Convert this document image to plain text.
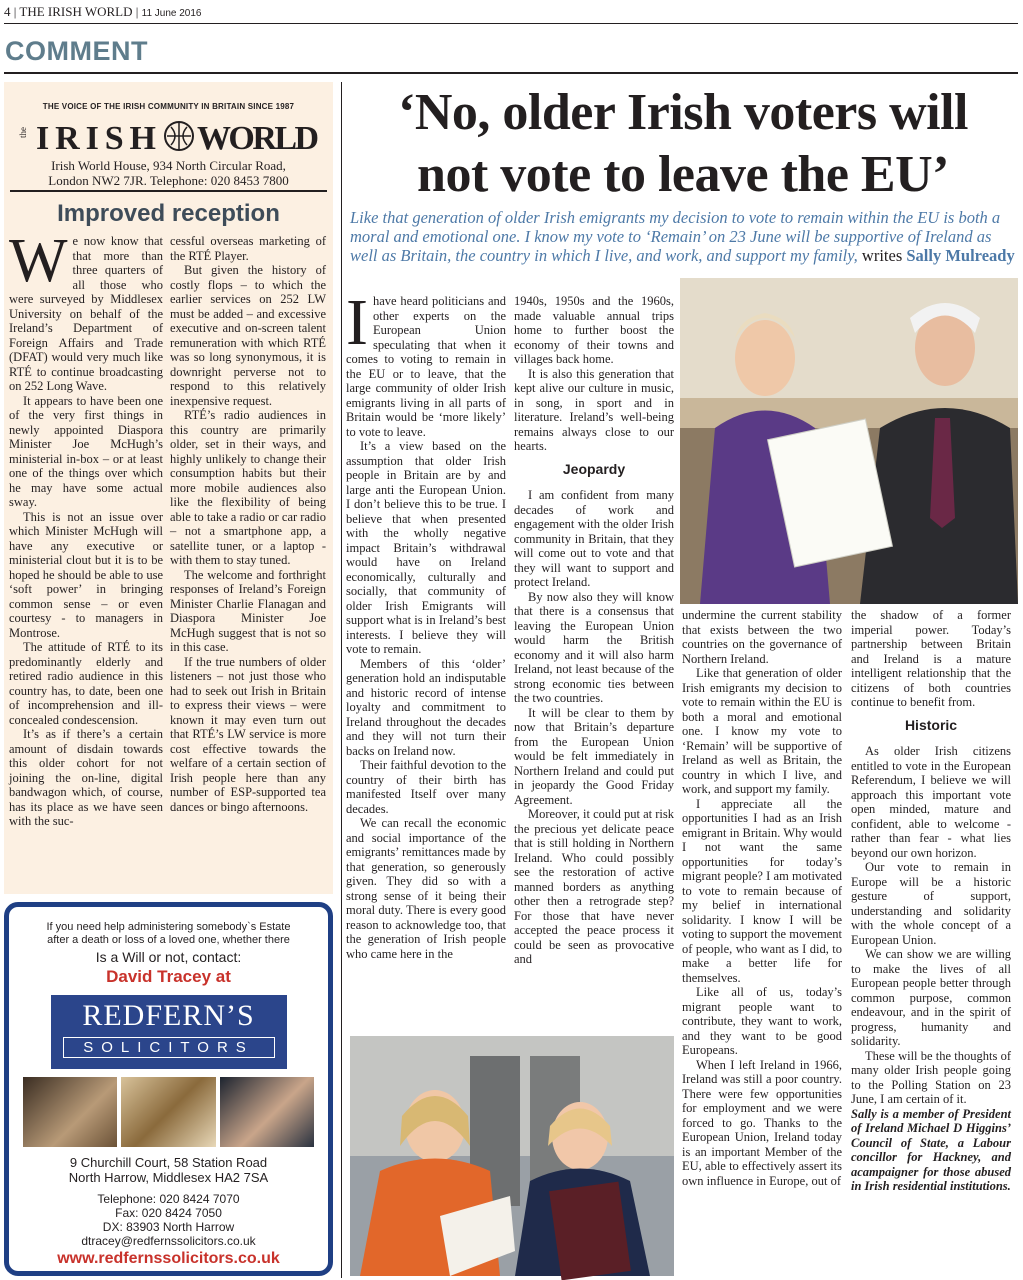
4 | THE IRISH WORLD | 11 June 2016
COMMENT
THE VOICE OF THE IRISH COMMUNITY IN BRITAIN SINCE 1987
the IRISH WORLD
Irish World House, 934 North Circular Road,
London NW2 7JR. Telephone: 020 8453 7800
Improved reception

We now know that that more than three quarters of all those who were surveyed by Middlesex University on behalf of the Ireland’s Department of Foreign Affairs and Trade (DFAT) would very much like RTÉ to continue broadcasting on 252 Long Wave.

It appears to have been one of the very first things in newly appointed Diaspora Minister Joe McHugh’s ministerial in-box – or at least one of the things over which he may have some actual sway.

This is not an issue over which Minister McHugh will have any executive or ministerial clout but it is to be hoped he should be able to use ‘soft power’ in bringing common sense – or even courtesy - to managers in Montrose.

The attitude of RTÉ to its predominantly elderly and retired radio audience in this country has, to date, been one of incomprehension and ill-concealed condescension.

It’s as if there’s a certain amount of disdain towards this older cohort for not joining the on-line, digital bandwagon which, of course, has its place as we have seen with the suc-

cessful overseas marketing of the RTÉ Player.

But given the history of costly flops – to which the earlier services on 252 LW must be added – and excessive executive and on-screen talent remuneration with which RTÉ was so long synonymous, it is downright perverse not to respond to this relatively inexpensive request.

RTÉ’s radio audiences in this country are primarily older, set in their ways, and highly unlikely to change their consumption habits but their more mobile audiences also like the flexibility of being able to take a radio or car radio – not a smartphone app, a satellite tuner, or a laptop - with them to stay tuned.

The welcome and forthright responses of Ireland’s Foreign Minister Charlie Flanagan and Diaspora Minister Joe McHugh suggest that is not so in this case.

If the true numbers of older listeners – not just those who had to seek out Irish in Britain to express their views – were known it may even turn out that RTÉ’s LW service is more cost effective towards the welfare of a certain section of Irish people here than any number of ESP-supported tea dances or bingo afternoons.

If you need help administering somebody`s Estate after a death or loss of a loved one, whether there
Is a Will or not, contact:
David Tracey at
REDFERN’S
SOLICITORS
9 Churchill Court, 58 Station Road
North Harrow, Middlesex HA2 7SA
Telephone: 020 8424 7070
Fax: 020 8424 7050
DX: 83903 North Harrow
dtracey@redfernssolicitors.co.uk
www.redfernssolicitors.co.uk
‘No, older Irish voters will
not vote to leave the EU’
Like that generation of older Irish emigrants my decision to vote to remain within the EU is both a moral and emotional one. I know my vote to ‘Remain’ on 23 June will be supportive of Ireland as well as Britain, the country in which I live, and work, and support my family, writes Sally Mulready

Ihave heard politicians and other experts on the European Union speculating that when it comes to voting to remain in the EU or to leave, that the large community of older Irish emigrants living in all parts of Britain would be ‘more likely’ to vote to leave.

It’s a view based on the assumption that older Irish people in Britain are by and large anti the European Union. I don’t believe this to be true. I believe that when presented with the wholly negative impact Britain’s withdrawal would have on Ireland economically, culturally and socially, that community of older Irish Emigrants will support what is in Ireland’s best interests. I believe they will vote to remain.

Members of this ‘older’ generation hold an indisputable and historic record of intense loyalty and commitment to Ireland throughout the decades and they will not turn their backs on Ireland now.

Their faithful devotion to the country of their birth has manifested Itself over many decades.

We can recall the economic and social importance of the emigrants’ remittances made by that generation, so generously given. They did so with a strong sense of it being their moral duty. There is every good reason to acknowledge too, that the generation of Irish people who came here in the

1940s, 1950s and the 1960s, made valuable annual trips home to further boost the economy of their towns and villages back home.

It is also this generation that kept alive our culture in music, in song, in sport and in literature. Ireland’s well-being remains always close to our hearts.

Jeopardy

I am confident from many decades of work and engagement with the older Irish community in Britain, that they will come out to vote and that they will want to support and protect Ireland.

By now also they will know that there is a consensus that leaving the European Union would harm the British economy and it will also harm Ireland, not least because of the strong economic ties between the two countries.

It will be clear to them by now that Britain’s departure from the European Union would be felt immediately in Northern Ireland and could put in jeopardy the Good Friday Agreement.

Moreover, it could put at risk the precious yet delicate peace that is still holding in Northern Ireland. Who could possibly see the restoration of active manned borders as anything other then a retrograde step? For those that have never accepted the peace process it could be seen as provocative and

undermine the current stability that exists between the two countries on the governance of Northern Ireland.

Like that generation of older Irish emigrants my decision to vote to remain within the EU is both a moral and emotional one. I know my vote to ‘Remain’ will be supportive of Ireland as well as Britain, the country in which I live, and work, and support my family.

I appreciate all the opportunities I had as an Irish emigrant in Britain. Why would I not want the same opportunities for today’s migrant people? I am motivated to vote to remain because of my belief in international solidarity. I know I will be voting to support the movement of people, who want as I did, to make a better life for themselves.

Like all of us, today’s migrant people want to contribute, they want to work, and they want to be good Europeans.

When I left Ireland in 1966, Ireland was still a poor country. There were few opportunities for employment and we were forced to go. Thanks to the European Union, Ireland today is an important Member of the EU, able to effectively assert its own influence in Europe, out of

the shadow of a former imperial power. Today’s partnership between Britain and Ireland is a mature intelligent relationship that the citizens of both countries continue to benefit from.

Historic

As older Irish citizens entitled to vote in the European Referendum, I believe we will approach this important vote open minded, mature and confident, able to welcome - rather than fear - what lies beyond our own horizon.

Our vote to remain in Europe will be a historic gesture of support, understanding and solidarity with the whole concept of a European Union.

We can show we are willing to make the lives of all European people better through common purpose, common endeavour, and in the spirit of progress, humanity and solidarity.

These will be the thoughts of many older Irish people going to the Polling Station on 23 June, I am certain of it.

Sally is a member of President of Ireland Michael D Higgins’ Council of State, a Labour concillor for Hackney, and acampaigner for those abused in Irish residential institutions.
